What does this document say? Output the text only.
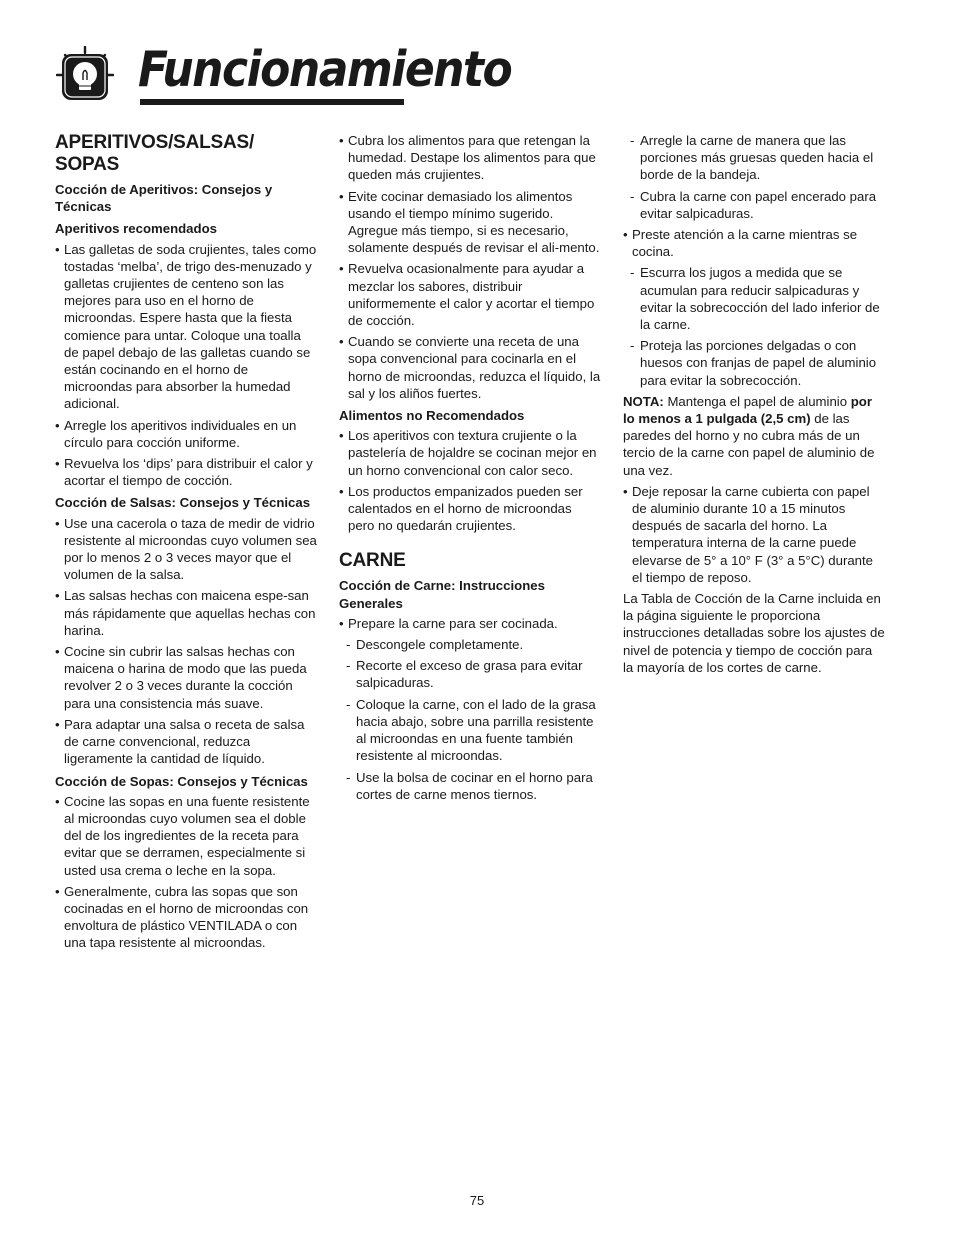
Funcionamiento
APERITIVOS/SALSAS/ SOPAS
Cocción de Aperitivos: Consejos y Técnicas
Aperitivos recomendados
• Las galletas de soda crujientes, tales como tostadas ‘melba’, de trigo des-menuzado y galletas crujientes de centeno son las mejores para uso en el horno de microondas. Espere hasta que la fiesta comience para untar. Coloque una toalla de papel debajo de las galletas cuando se están cocinando en el horno de microondas para absorber la humedad adicional.
• Arregle los aperitivos individuales en un círculo para cocción uniforme.
• Revuelva los ‘dips’ para distribuir el calor y acortar el tiempo de cocción.
Cocción de Salsas: Consejos y Técnicas
• Use una cacerola o taza de medir de vidrio resistente al microondas cuyo volumen sea por lo menos 2 o 3 veces mayor que el volumen de la salsa.
• Las salsas hechas con maicena espe-san más rápidamente que aquellas hechas con harina.
• Cocine sin cubrir las salsas hechas con maicena o harina de modo que las pueda revolver 2 o 3 veces durante la cocción para una consistencia más suave.
• Para adaptar una salsa o receta de salsa de carne convencional, reduzca ligeramente la cantidad de líquido.
Cocción de Sopas: Consejos y Técnicas
• Cocine las sopas en una fuente resistente al microondas cuyo volumen sea el doble del de los ingredientes de la receta para evitar que se derramen, especialmente si usted usa crema o leche en la sopa.
• Generalmente, cubra las sopas que son cocinadas en el horno de microondas con envoltura de plástico VENTILADA o con una tapa resistente al microondas.
• Cubra los alimentos para que retengan la humedad. Destape los alimentos para que queden más crujientes.
• Evite cocinar demasiado los alimentos usando el tiempo mínimo sugerido. Agregue más tiempo, si es necesario, solamente después de revisar el ali-mento.
• Revuelva ocasionalmente para ayudar a mezclar los sabores, distribuir uniformemente el calor y acortar el tiempo de cocción.
• Cuando se convierte una receta de una sopa convencional para cocinarla en el horno de microondas, reduzca el líquido, la sal y los aliños fuertes.
Alimentos no Recomendados
• Los aperitivos con textura crujiente o la pastelería de hojaldre se cocinan mejor en un horno convencional con calor seco.
• Los productos empanizados pueden ser calentados en el horno de microondas pero no quedarán crujientes.
CARNE
Cocción de Carne: Instrucciones Generales
• Prepare la carne para ser cocinada.
- Descongele completamente.
- Recorte el exceso de grasa para evitar salpicaduras.
- Coloque la carne, con el lado de la grasa hacia abajo, sobre una parrilla resistente al microondas en una fuente también resistente al microondas.
- Use la bolsa de cocinar en el horno para cortes de carne menos tiernos.
- Arregle la carne de manera que las porciones más gruesas queden hacia el borde de la bandeja.
- Cubra la carne con papel encerado para evitar salpicaduras.
• Preste atención a la carne mientras se cocina.
- Escurra los jugos a medida que se acumulan para reducir salpicaduras y evitar la sobrecocción del lado inferior de la carne.
- Proteja las porciones delgadas o con huesos con franjas de papel de aluminio para evitar la sobrecocción.

NOTA: Mantenga el papel de aluminio por lo menos a 1 pulgada (2,5 cm) de las paredes del horno y no cubra más de un tercio de la carne con papel de aluminio de una vez.

• Deje reposar la carne cubierta con papel de aluminio durante 10 a 15 minutos después de sacarla del horno. La temperatura interna de la carne puede elevarse de 5° a 10° F (3° a 5°C) durante el tiempo de reposo.

La Tabla de Cocción de la Carne incluida en la página siguiente le proporciona instrucciones detalladas sobre los ajustes de nivel de potencia y tiempo de cocción para la mayoría de los cortes de carne.

75
